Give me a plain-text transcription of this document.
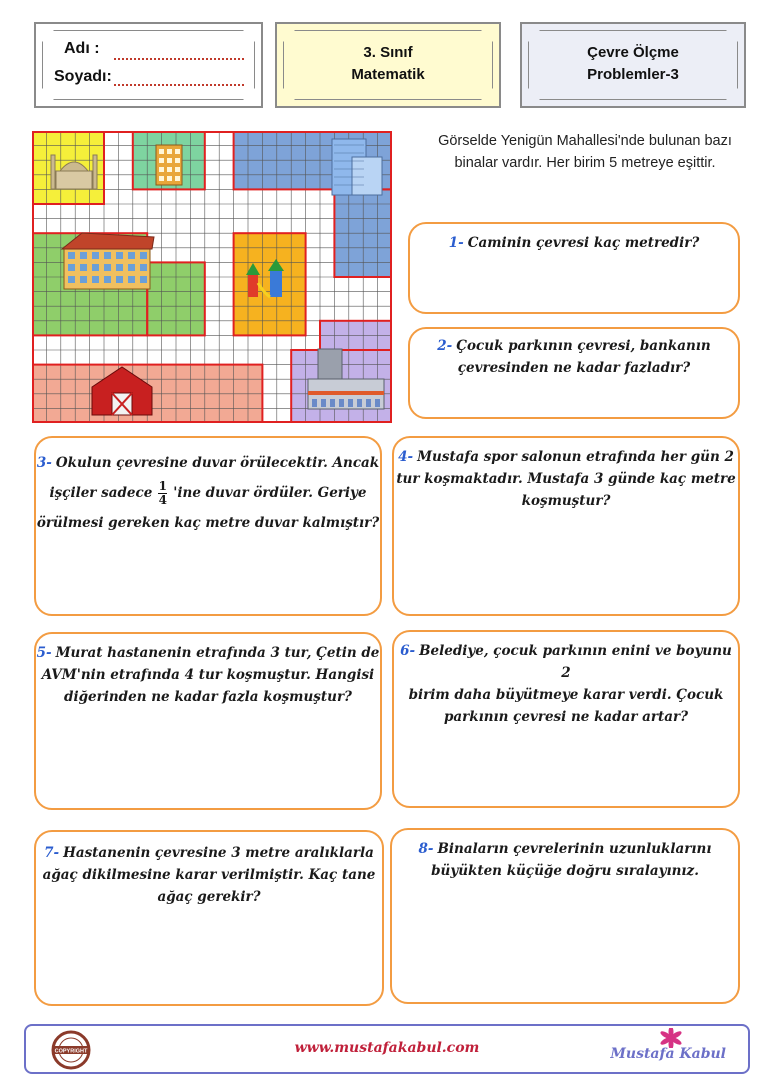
Adı :
Soyadı:
3. Sınıf
Matematik
Çevre Ölçme
Problemler-3
Görselde Yenigün Mahallesi'nde bulunan bazı binalar vardır. Her birim 5 metreye eşittir.
1- Caminin çevresi kaç metredir?
2- Çocuk parkının çevresi, bankanın
çevresinden ne kadar fazladır?
3- Okulun çevresine duvar örülecektir. Ancak
işçiler sadece $\frac{1}{4}$ 'ine duvar ördüler. Geriye
örülmesi gereken kaç metre duvar kalmıştır?
4- Mustafa spor salonun etrafında her gün 2
tur koşmaktadır. Mustafa 3 günde kaç metre
koşmuştur?
5- Murat hastanenin etrafında 3 tur, Çetin de
AVM'nin etrafında 4 tur koşmuştur. Hangisi
diğerinden ne kadar fazla koşmuştur?
6- Belediye, çocuk parkının enini ve boyunu 2
birim daha büyütmeye karar verdi. Çocuk
parkının çevresi ne kadar artar?
7- Hastanenin çevresine 3 metre aralıklarla
ağaç dikilmesine karar verilmiştir. Kaç tane
ağaç gerekir?
8- Binaların çevrelerinin uzunluklarını
büyükten küçüğe doğru sıralayınız.
COPYRIGHT	www.mustafakabul.com	Mustafa Kabul
